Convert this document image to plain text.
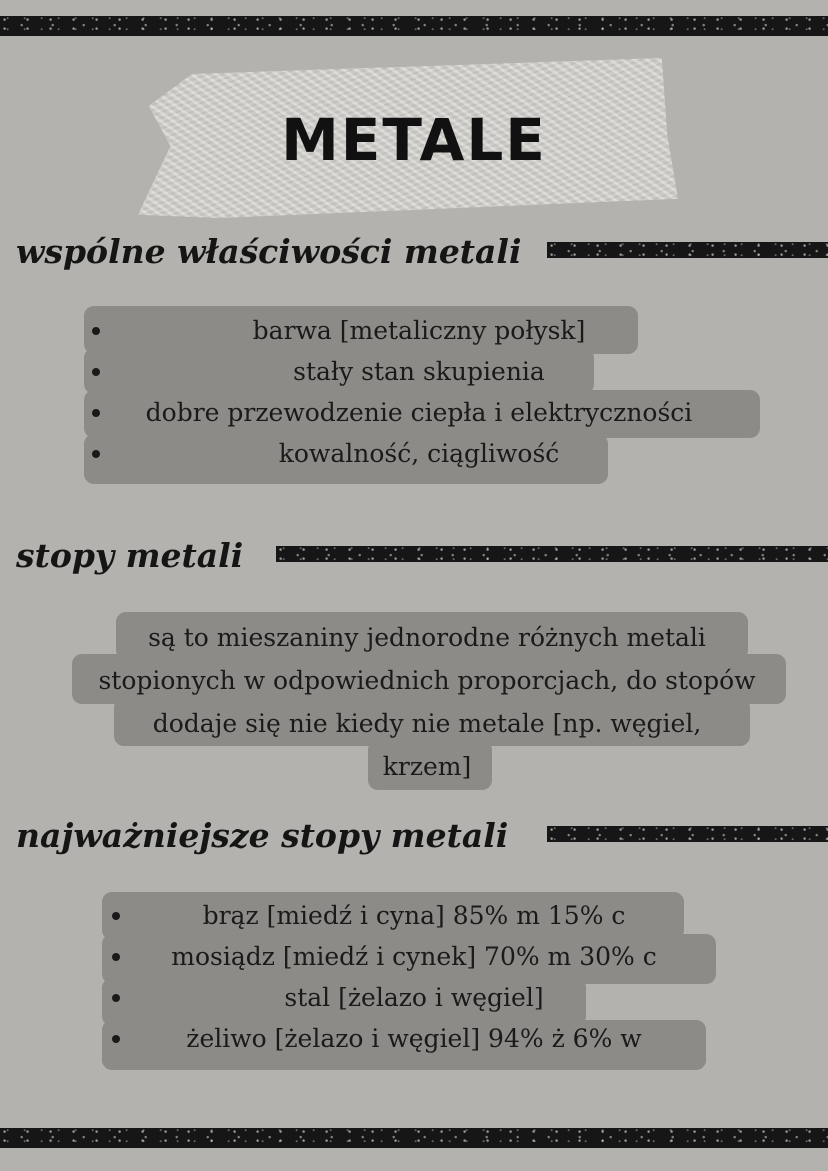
METALE
wspólne właściwości metali
barwa [metaliczny połysk]
stały stan skupienia
dobre przewodzenie ciepła i elektryczności
kowalność, ciągliwość
stopy metali
są to mieszaniny jednorodne różnych metali
stopionych w odpowiednich proporcjach, do stopów
dodaje się nie kiedy nie metale [np. węgiel,
krzem]
najważniejsze stopy metali
brąz [miedź i cyna] 85% m 15% c
mosiądz [miedź i cynek] 70% m 30% c
stal [żelazo i węgiel]
żeliwo [żelazo i węgiel] 94% ż 6% w
